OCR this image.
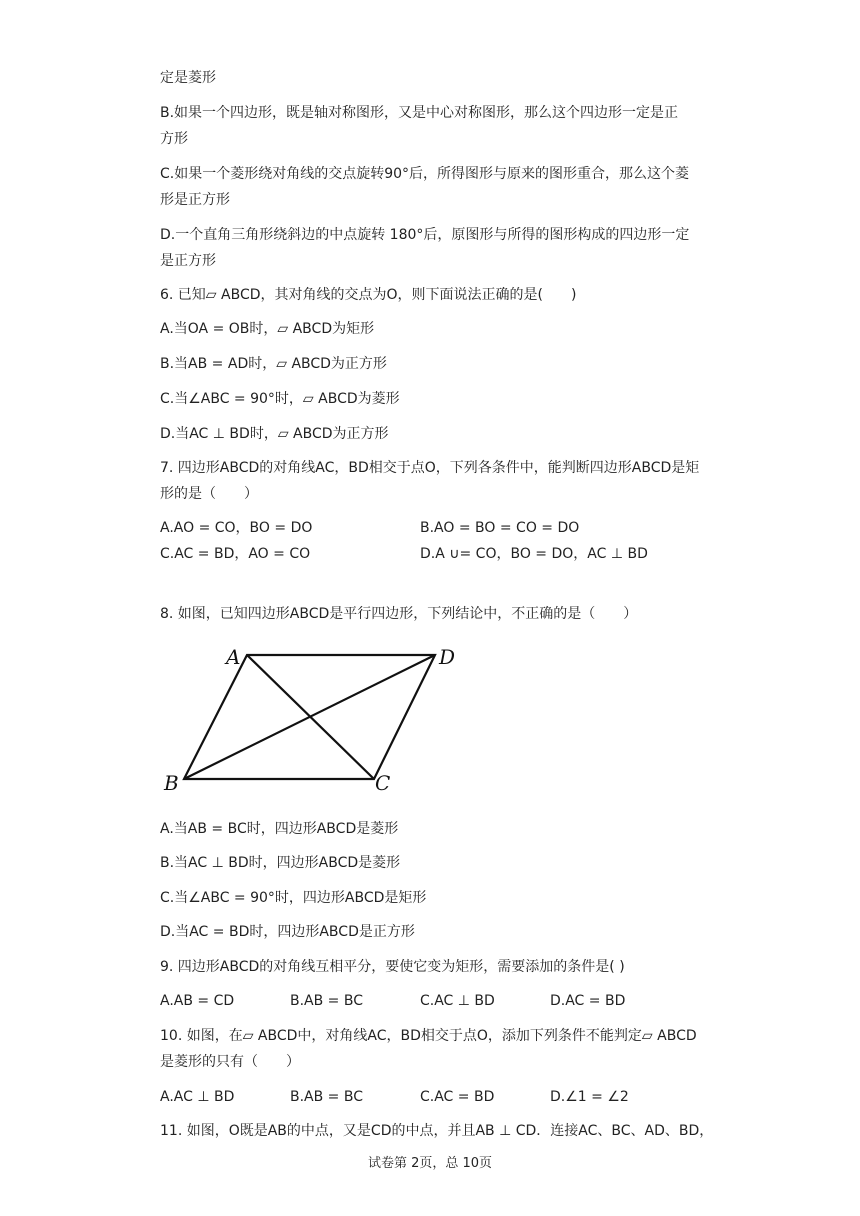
定是菱形
B.如果一个四边形，既是轴对称图形，又是中心对称图形，那么这个四边形一定是正
方形
C.如果一个菱形绕对角线的交点旋转90°后，所得图形与原来的图形重合，那么这个菱
形是正方形
D.一个直角三角形绕斜边的中点旋转 180°后，原图形与所得的图形构成的四边形一定
是正方形
6. 已知▱ ABCD，其对角线的交点为O，则下面说法正确的是(　　)
A.当OA = OB时，▱ ABCD为矩形
B.当AB = AD时，▱ ABCD为正方形
C.当∠ABC = 90°时，▱ ABCD为菱形
D.当AC ⊥ BD时，▱ ABCD为正方形
7. 四边形ABCD的对角线AC，BD相交于点O，下列各条件中，能判断四边形ABCD是矩
形的是（　　）
A.AO = CO，BO = DO	B.AO = BO = CO = DO
C.AC = BD，AO = CO	D.A ∪= CO，BO = DO，AC ⊥ BD
8. 如图，已知四边形ABCD是平行四边形，下列结论中，不正确的是（　　）
A	D
B	C
A.当AB = BC时，四边形ABCD是菱形
B.当AC ⊥ BD时，四边形ABCD是菱形
C.当∠ABC = 90°时，四边形ABCD是矩形
D.当AC = BD时，四边形ABCD是正方形
9. 四边形ABCD的对角线互相平分，要使它变为矩形，需要添加的条件是( )
A.AB = CD	B.AB = BC	C.AC ⊥ BD	D.AC = BD
10. 如图，在▱ ABCD中，对角线AC，BD相交于点O，添加下列条件不能判定▱ ABCD
是菱形的只有（　　）
A.AC ⊥ BD	B.AB = BC	C.AC = BD	D.∠1 = ∠2
11. 如图，O既是AB的中点，又是CD的中点，并且AB ⊥ CD．连接AC、BC、AD、BD，
试卷第 2页，总 10页
